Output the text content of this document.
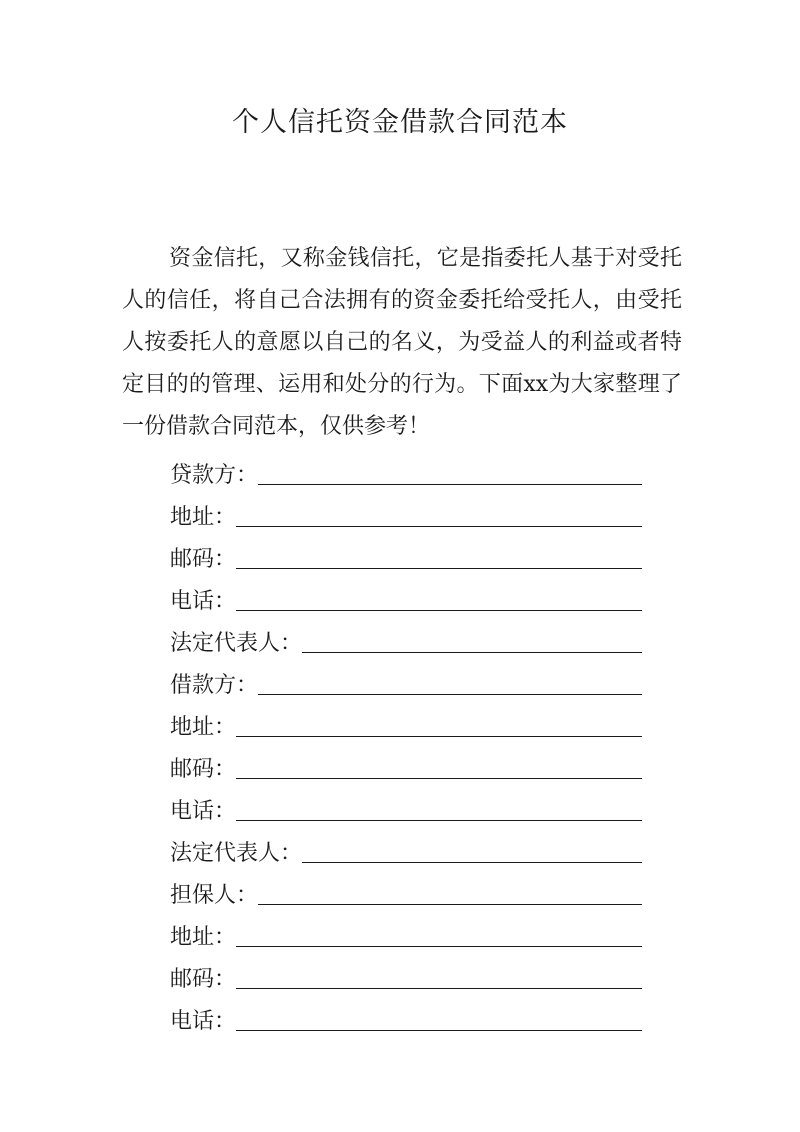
个人信托资金借款合同范本

资金信托，又称金钱信托，它是指委托人基于对受托人的信任，将自己合法拥有的资金委托给受托人，由受托人按委托人的意愿以自己的名义，为受益人的利益或者特定目的的管理、运用和处分的行为。下面xx为大家整理了一份借款合同范本，仅供参考！

贷款方：
地址：
邮码：
电话：
法定代表人：
借款方：
地址：
邮码：
电话：
法定代表人：
担保人：
地址：
邮码：
电话：
